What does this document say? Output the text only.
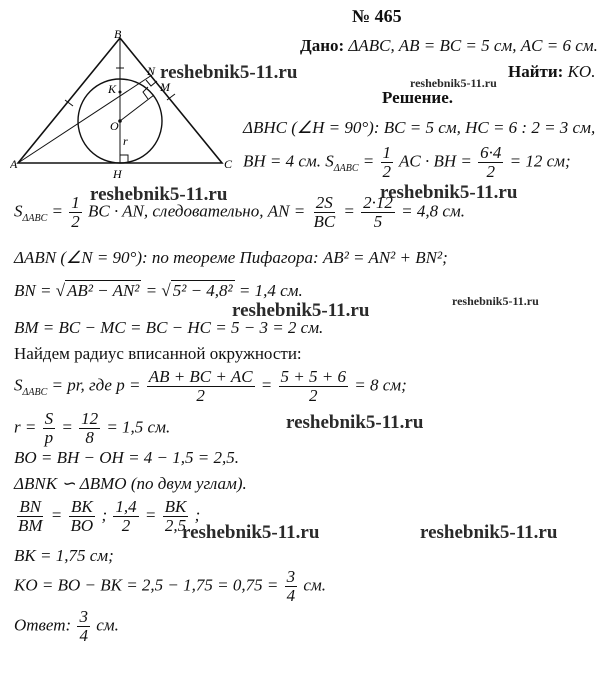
№ 465
B
A	C
H
N
M
K
O
r
Дано: ΔABC, AB = BC = 5 см, AC = 6 см.
Найти: KO.
Решение.
ΔBHC (∠H = 90°): BC = 5 см, HC = 6 : 2 = 3 см,
BH = 4 см. $S_{\Delta ABC} = \frac{1}{2}$ AC · BH = $\frac{6\cdot 4}{2} = 12$ см;
$S_{\Delta ABC} = \frac{1}{2}$ BC · AN, следовательно, AN = $\frac{2S}{BC} = \frac{2\cdot 12}{5} = 4,8$ см.
ΔABN (∠N = 90°): по теореме Пифагора: AB² = AN² + BN²;
BN = √ AB² − AN² = √ 5² − 4,8² = 1,4 см.
BM = BC − MC = BC − HC = 5 − 3 = 2 см.
Найдем радиус вписанной окружности:
$S_{\Delta ABC}$ = pr, где $p = \frac{AB + BC + AC}{2} = \frac{5 + 5 + 6}{2} = 8$ см;
$r = \frac{S}{p} = \frac{12}{8} = 1,5$ см.
BO = BH − OH = 4 − 1,5 = 2,5.
ΔBNK ∽ ΔBMO (по двум углам).
$\frac{BN}{BM} = \frac{BK}{BO}$ ; $\frac{1,4}{2} = \frac{BK}{2,5}$ ;
BK = 1,75 см;
KO = BO − BK = $2,5 - 1,75 = 0,75 = \frac{3}{4}$ см.
Ответ: $\frac{3}{4}$ см.
reshebnik5-11.ru	reshebnik5-11.ru
reshebnik5-11.ru	reshebnik5-11.ru
reshebnik5-11.ru	reshebnik5-11.ru
reshebnik5-11.ru
reshebnik5-11.ru	reshebnik5-11.ru
